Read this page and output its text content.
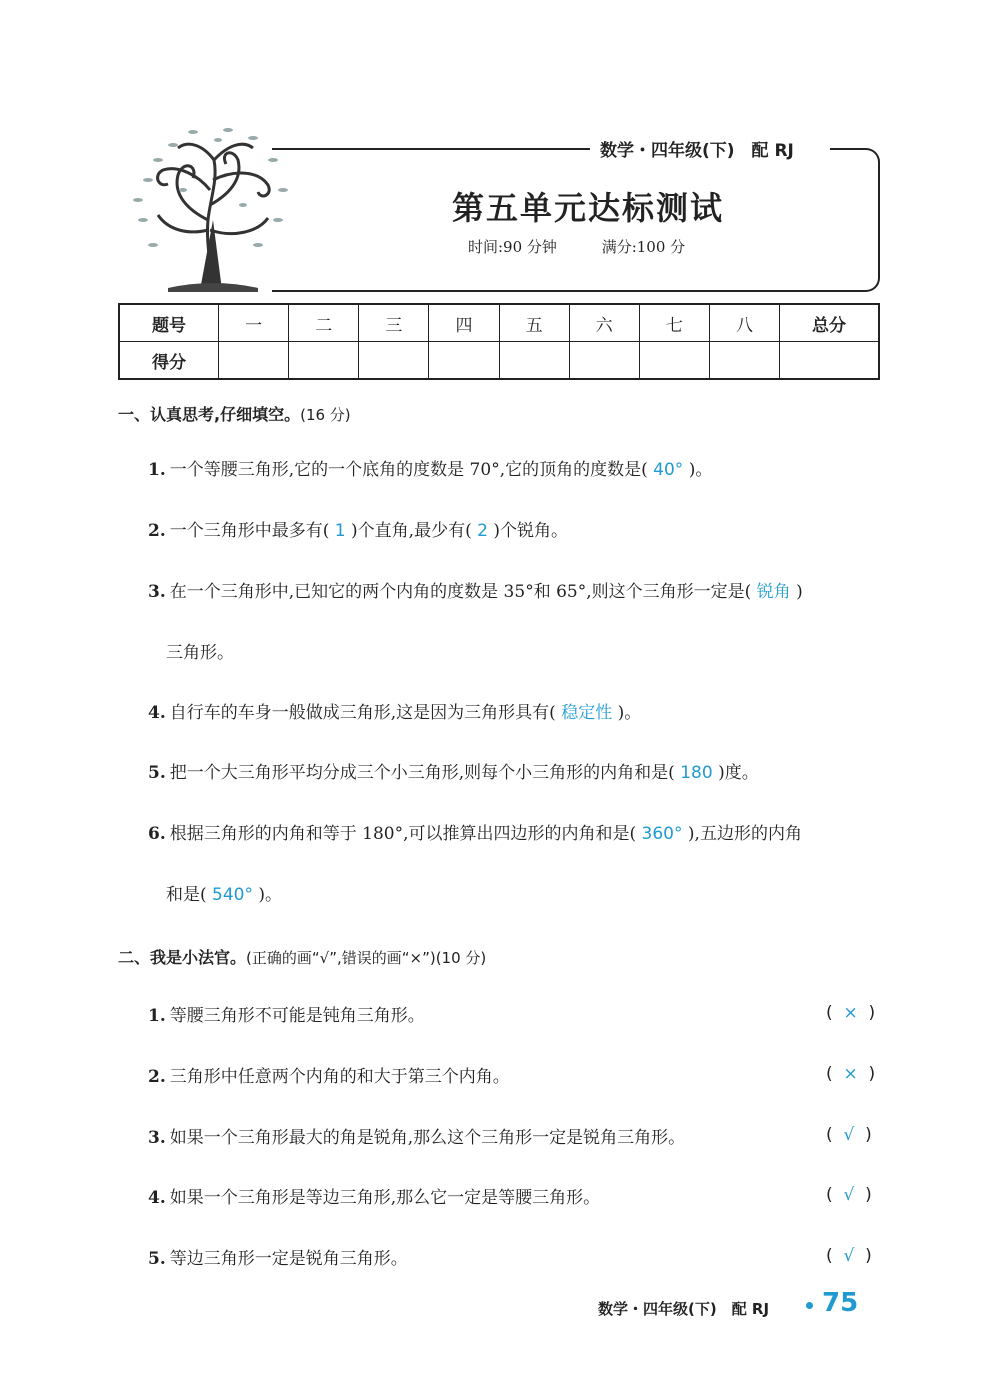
数学・四年级(下)　配 RJ
第五单元达标测试
时间:90 分钟	满分:100 分
题号	一	二	三	四	五	六	七	八	总分
得分									
一、认真思考,仔细填空。(16 分)
1. 一个等腰三角形,它的一个底角的度数是 70°,它的顶角的度数是( 40° )。
2. 一个三角形中最多有( 1 )个直角,最少有( 2 )个锐角。
3. 在一个三角形中,已知它的两个内角的度数是 35°和 65°,则这个三角形一定是( 锐角 )
三角形。
4. 自行车的车身一般做成三角形,这是因为三角形具有( 稳定性 )。
5. 把一个大三角形平均分成三个小三角形,则每个小三角形的内角和是( 180 )度。
6. 根据三角形的内角和等于 180°,可以推算出四边形的内角和是( 360° ),五边形的内角
和是( 540° )。
二、我是小法官。(正确的画“√”,错误的画“×”)(10 分)
1. 等腰三角形不可能是钝角三角形。	(  ×  )
2. 三角形中任意两个内角的和大于第三个内角。	(  ×  )
3. 如果一个三角形最大的角是锐角,那么这个三角形一定是锐角三角形。	(  √  )
4. 如果一个三角形是等边三角形,那么它一定是等腰三角形。	(  √  )
5. 等边三角形一定是锐角三角形。	(  √  )
数学・四年级(下)　配 RJ 75
